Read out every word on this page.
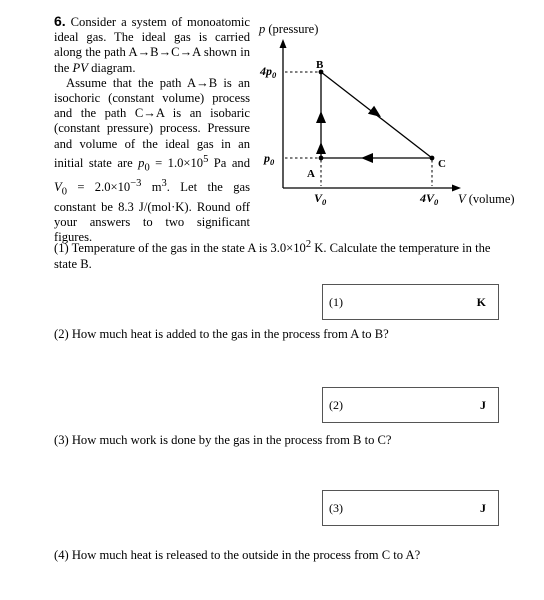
6. Consider a system of monoatomic ideal gas. The ideal gas is carried along the path A→B→C→A shown in the PV diagram.
Assume that the path A→B is an isochoric (constant volume) process and the path C→A is an isobaric (constant pressure) process. Pressure and volume of the ideal gas in an initial state are $p_0 = 1.0\times 10^5$ Pa and $V_0 = 2.0\times 10^{-3}$ $m^3$. Let the gas constant be 8.3 J/(mol·K). Round off your answers to two significant figures.

p (pressure)
V (volume)
$4p_0$
$p_0$
$V_0$	$4V_0$
A
B
C

(1) Temperature of the gas in the state A is $3.0\times 10^2$ K. Calculate the temperature in the state B.

(1)	K

(2) How much heat is added to the gas in the process from A to B?

(2)	J

(3) How much work is done by the gas in the process from B to C?

(3)	J

(4) How much heat is released to the outside in the process from C to A?
